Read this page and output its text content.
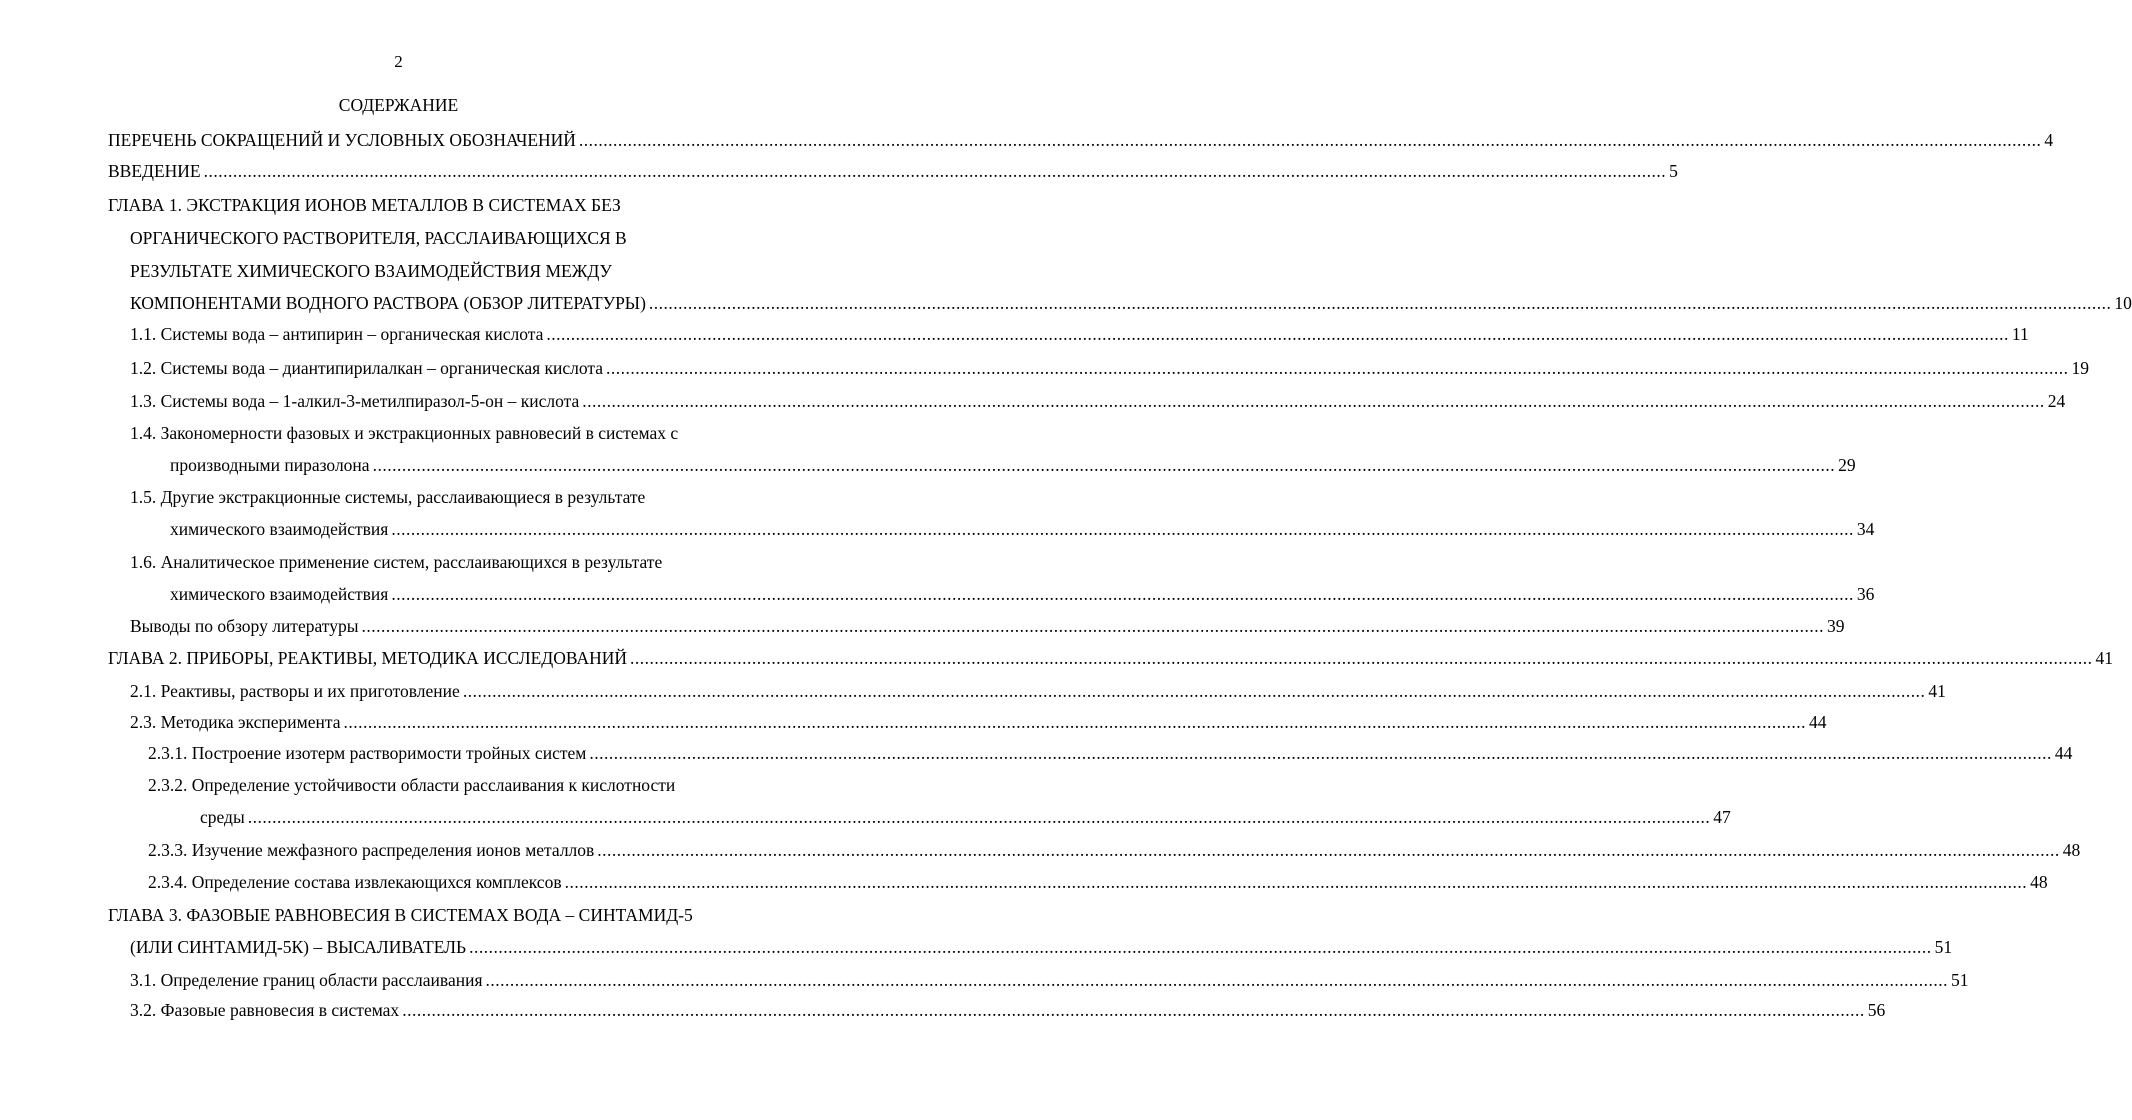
2
СОДЕРЖАНИЕ
ПЕРЕЧЕНЬ СОКРАЩЕНИЙ И УСЛОВНЫХ ОБОЗНАЧЕНИЙ ............................................................................................................................................................................................................................................................................................................ 4
ВВЕДЕНИЕ ............................................................................................................................................................................................................................................................................................................ 5
ГЛАВА 1. ЭКСТРАКЦИЯ ИОНОВ МЕТАЛЛОВ В СИСТЕМАХ БЕЗ
ОРГАНИЧЕСКОГО РАСТВОРИТЕЛЯ, РАССЛАИВАЮЩИХСЯ В
РЕЗУЛЬТАТЕ ХИМИЧЕСКОГО ВЗАИМОДЕЙСТВИЯ МЕЖДУ
КОМПОНЕНТАМИ ВОДНОГО РАСТВОРА (ОБЗОР ЛИТЕРАТУРЫ) ............................................................................................................................................................................................................................................................................................................ 10
1.1. Системы вода – антипирин – органическая кислота ............................................................................................................................................................................................................................................................................................................ 11
1.2. Системы вода – диантипирилалкан – органическая кислота ............................................................................................................................................................................................................................................................................................................ 19
1.3. Системы вода – 1-алкил-3-метилпиразол-5-он – кислота ............................................................................................................................................................................................................................................................................................................ 24
1.4. Закономерности фазовых и экстракционных равновесий в системах с
производными пиразолона ............................................................................................................................................................................................................................................................................................................ 29
1.5. Другие экстракционные системы, расслаивающиеся в результате
химического взаимодействия ............................................................................................................................................................................................................................................................................................................ 34
1.6. Аналитическое применение систем, расслаивающихся в результате
химического взаимодействия ............................................................................................................................................................................................................................................................................................................ 36
Выводы по обзору литературы ............................................................................................................................................................................................................................................................................................................ 39
ГЛАВА 2. ПРИБОРЫ, РЕАКТИВЫ, МЕТОДИКА ИССЛЕДОВАНИЙ ............................................................................................................................................................................................................................................................................................................ 41
2.1. Реактивы, растворы и их приготовление ............................................................................................................................................................................................................................................................................................................ 41
2.3. Методика эксперимента ............................................................................................................................................................................................................................................................................................................ 44
2.3.1. Построение изотерм растворимости тройных систем ............................................................................................................................................................................................................................................................................................................ 44
2.3.2. Определение устойчивости области расслаивания к кислотности
среды ............................................................................................................................................................................................................................................................................................................ 47
2.3.3. Изучение межфазного распределения ионов металлов ............................................................................................................................................................................................................................................................................................................ 48
2.3.4. Определение состава извлекающихся комплексов ............................................................................................................................................................................................................................................................................................................ 48
ГЛАВА 3. ФАЗОВЫЕ РАВНОВЕСИЯ В СИСТЕМАХ ВОДА – СИНТАМИД-5
(ИЛИ СИНТАМИД-5К) – ВЫСАЛИВАТЕЛЬ ............................................................................................................................................................................................................................................................................................................ 51
3.1. Определение границ области расслаивания ............................................................................................................................................................................................................................................................................................................ 51
3.2. Фазовые равновесия в системах ............................................................................................................................................................................................................................................................................................................ 56
